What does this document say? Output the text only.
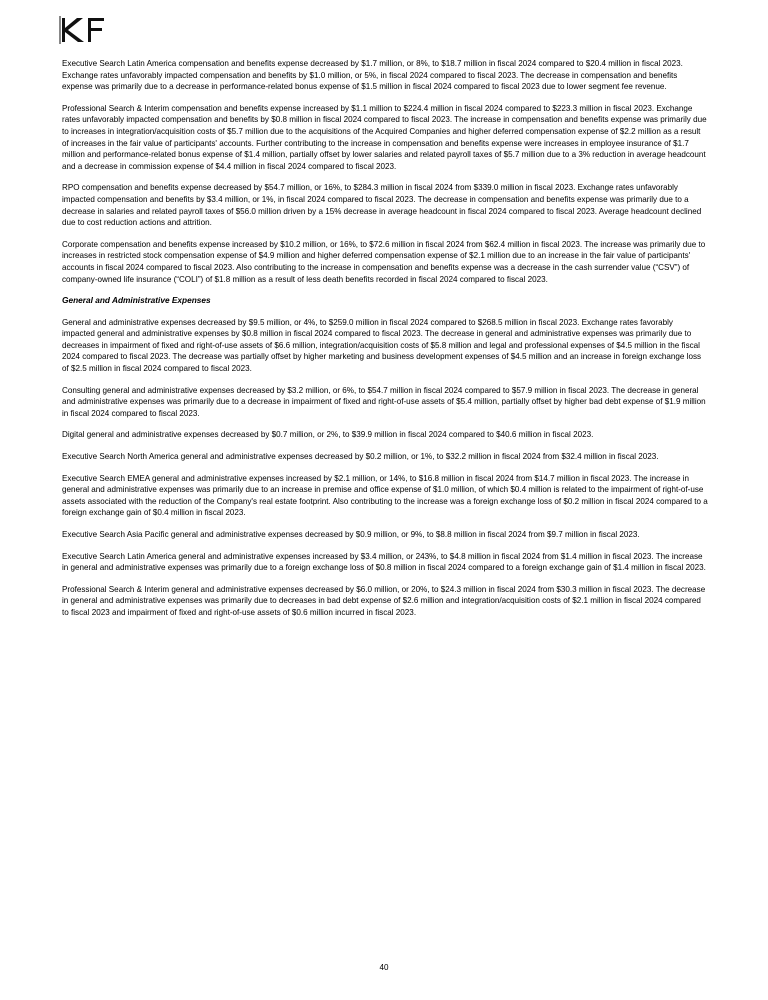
Executive Search Latin America compensation and benefits expense decreased by $1.7 million, or 8%, to $18.7 million in fiscal 2024 compared to $20.4 million in fiscal 2023. Exchange rates unfavorably impacted compensation and benefits by $1.0 million, or 5%, in fiscal 2024 compared to fiscal 2023. The decrease in compensation and benefits expense was primarily due to a decrease in performance-related bonus expense of $1.5 million in fiscal 2024 compared to fiscal 2023 due to lower segment fee revenue.

Professional Search & Interim compensation and benefits expense increased by $1.1 million to $224.4 million in fiscal 2024 compared to $223.3 million in fiscal 2023. Exchange rates unfavorably impacted compensation and benefits by $0.8 million in fiscal 2024 compared to fiscal 2023. The increase in compensation and benefits expense was primarily due to increases in integration/acquisition costs of $5.7 million due to the acquisitions of the Acquired Companies and higher deferred compensation expense of $2.2 million as a result of increases in the fair value of participants' accounts. Further contributing to the increase in compensation and benefits expense were increases in employee insurance of $1.7 million and performance-related bonus expense of $1.4 million, partially offset by lower salaries and related payroll taxes of $5.7 million due to a 3% reduction in average headcount and a decrease in commission expense of $4.4 million in fiscal 2024 compared to fiscal 2023.

RPO compensation and benefits expense decreased by $54.7 million, or 16%, to $284.3 million in fiscal 2024 from $339.0 million in fiscal 2023. Exchange rates unfavorably impacted compensation and benefits by $3.4 million, or 1%, in fiscal 2024 compared to fiscal 2023. The decrease in compensation and benefits expense was primarily due to a decrease in salaries and related payroll taxes of $56.0 million driven by a 15% decrease in average headcount in fiscal 2024 compared to fiscal 2023. Average headcount declined due to cost reduction actions and attrition.

Corporate compensation and benefits expense increased by $10.2 million, or 16%, to $72.6 million in fiscal 2024 from $62.4 million in fiscal 2023. The increase was primarily due to increases in restricted stock compensation expense of $4.9 million and higher deferred compensation expense of $2.1 million due to an increase in the fair value of participants' accounts in fiscal 2024 compared to fiscal 2023. Also contributing to the increase in compensation and benefits expense was a decrease in the cash surrender value (“CSV”) of company-owned life insurance (“COLI”) of $1.8 million as a result of less death benefits recorded in fiscal 2024 compared to fiscal 2023.

General and Administrative Expenses

General and administrative expenses decreased by $9.5 million, or 4%, to $259.0 million in fiscal 2024 compared to $268.5 million in fiscal 2023. Exchange rates favorably impacted general and administrative expenses by $0.8 million in fiscal 2024 compared to fiscal 2023. The decrease in general and administrative expenses was primarily due to decreases in impairment of fixed and right-of-use assets of $6.6 million, integration/acquisition costs of $5.8 million and legal and professional expenses of $4.5 million in the fiscal 2024 compared to fiscal 2023. The decrease was partially offset by higher marketing and business development expenses of $4.5 million and an increase in foreign exchange loss of $2.5 million in fiscal 2024 compared to fiscal 2023.

Consulting general and administrative expenses decreased by $3.2 million, or 6%, to $54.7 million in fiscal 2024 compared to $57.9 million in fiscal 2023. The decrease in general and administrative expenses was primarily due to a decrease in impairment of fixed and right-of-use assets of $5.4 million, partially offset by higher bad debt expense of $1.9 million in fiscal 2024 compared to fiscal 2023.

Digital general and administrative expenses decreased by $0.7 million, or 2%, to $39.9 million in fiscal 2024 compared to $40.6 million in fiscal 2023.

Executive Search North America general and administrative expenses decreased by $0.2 million, or 1%, to $32.2 million in fiscal 2024 from $32.4 million in fiscal 2023.

Executive Search EMEA general and administrative expenses increased by $2.1 million, or 14%, to $16.8 million in fiscal 2024 from $14.7 million in fiscal 2023. The increase in general and administrative expenses was primarily due to an increase in premise and office expense of $1.0 million, of which $0.4 million is related to the impairment of right-of-use assets associated with the reduction of the Company's real estate footprint. Also contributing to the increase was a foreign exchange loss of $0.2 million in fiscal 2024 compared to a foreign exchange gain of $0.4 million in fiscal 2023.

Executive Search Asia Pacific general and administrative expenses decreased by $0.9 million, or 9%, to $8.8 million in fiscal 2024 from $9.7 million in fiscal 2023.

Executive Search Latin America general and administrative expenses increased by $3.4 million, or 243%, to $4.8 million in fiscal 2024 from $1.4 million in fiscal 2023. The increase in general and administrative expenses was primarily due to a foreign exchange loss of $0.8 million in fiscal 2024 compared to a foreign exchange gain of $1.4 million in fiscal 2023.

Professional Search & Interim general and administrative expenses decreased by $6.0 million, or 20%, to $24.3 million in fiscal 2024 from $30.3 million in fiscal 2023. The decrease in general and administrative expenses was primarily due to decreases in bad debt expense of $2.6 million and integration/acquisition costs of $2.1 million in fiscal 2024 compared to fiscal 2023 and impairment of fixed and right-of-use assets of $0.6 million incurred in fiscal 2023.

40
